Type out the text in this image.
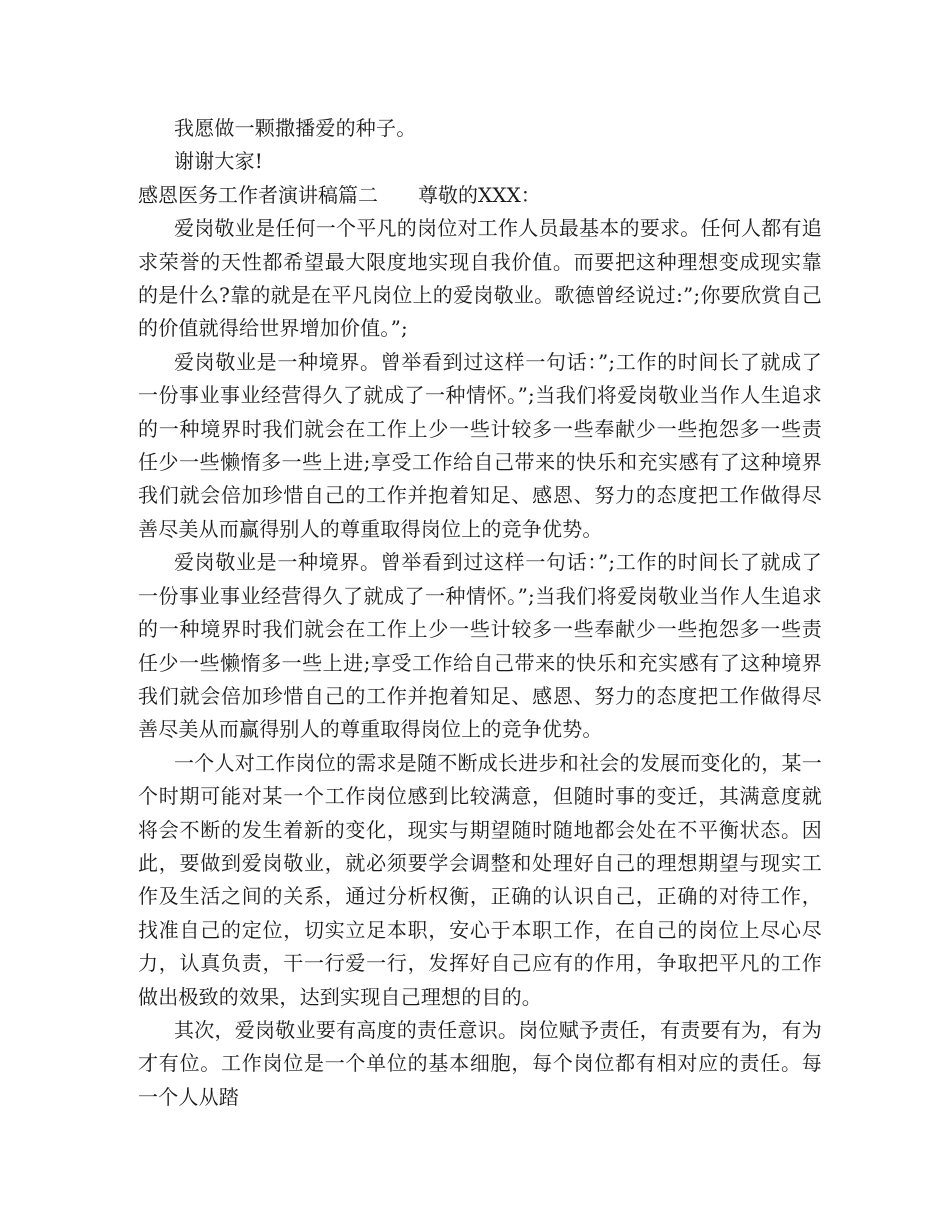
我愿做一颗撒播爱的种子。

谢谢大家!

感恩医务工作者演讲稿篇二 尊敬的XXX：

爱岗敬业是任何一个平凡的岗位对工作人员最基本的要求。任何人都有追求荣誉的天性都希望最大限度地实现自我价值。而要把这种理想变成现实靠的是什么?靠的就是在平凡岗位上的爱岗敬业。歌德曾经说过:”;你要欣赏自己的价值就得给世界增加价值。”;

爱岗敬业是一种境界。曾举看到过这样一句话：”;工作的时间长了就成了一份事业事业经营得久了就成了一种情怀。”;当我们将爱岗敬业当作人生追求的一种境界时我们就会在工作上少一些计较多一些奉献少一些抱怨多一些责任少一些懒惰多一些上进;享受工作给自己带来的快乐和充实感有了这种境界我们就会倍加珍惜自己的工作并抱着知足、感恩、努力的态度把工作做得尽善尽美从而赢得别人的尊重取得岗位上的竞争优势。

爱岗敬业是一种境界。曾举看到过这样一句话：”;工作的时间长了就成了一份事业事业经营得久了就成了一种情怀。”;当我们将爱岗敬业当作人生追求的一种境界时我们就会在工作上少一些计较多一些奉献少一些抱怨多一些责任少一些懒惰多一些上进;享受工作给自己带来的快乐和充实感有了这种境界我们就会倍加珍惜自己的工作并抱着知足、感恩、努力的态度把工作做得尽善尽美从而赢得别人的尊重取得岗位上的竞争优势。

一个人对工作岗位的需求是随不断成长进步和社会的发展而变化的，某一个时期可能对某一个工作岗位感到比较满意，但随时事的变迁，其满意度就将会不断的发生着新的变化，现实与期望随时随地都会处在不平衡状态。因此，要做到爱岗敬业，就必须要学会调整和处理好自己的理想期望与现实工作及生活之间的关系，通过分析权衡，正确的认识自己，正确的对待工作，找准自己的定位，切实立足本职，安心于本职工作，在自己的岗位上尽心尽力，认真负责，干一行爱一行，发挥好自己应有的作用，争取把平凡的工作做出极致的效果，达到实现自己理想的目的。

其次，爱岗敬业要有高度的责任意识。岗位赋予责任，有责要有为，有为才有位。工作岗位是一个单位的基本细胞，每个岗位都有相对应的责任。每一个人从踏
